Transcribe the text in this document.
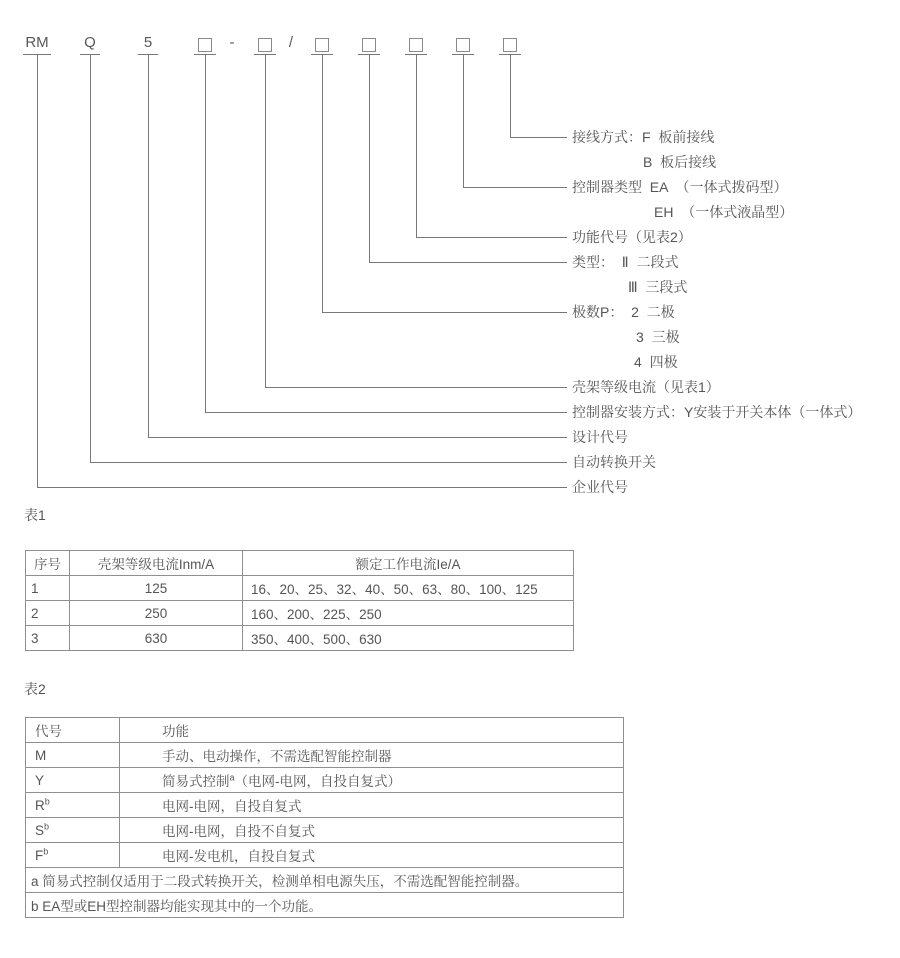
RM Q	5	-	/
接线方式：F  板前接线
B  板后接线
控制器类型  EA  （一体式拨码型）
EH  （一体式液晶型）
功能代号（见表2）
类型：  Ⅱ  二段式
Ⅲ  三段式
极数P：  2  二极
3  三极
4  四极
壳架等级电流（见表1）
控制器安装方式：Y安装于开关本体（一体式）
设计代号
自动转换开关
企业代号
表1
序号	壳架等级电流Inm/A	额定工作电流Ie/A
1	125	16、20、25、32、40、50、63、80、100、125
2	250	160、200、225、250
3	630	350、400、500、630
表2
代号	功能
M	手动、电动操作，不需选配智能控制器
Y	简易式控制$^a$（电网-电网，自投自复式）
$R^b$	电网-电网，自投自复式
$S^b$	电网-电网，自投不自复式
$F^b$	电网-发电机，自投自复式
a 简易式控制仅适用于二段式转换开关，检测单相电源失压，不需选配智能控制器。	
b EA型或EH型控制器均能实现其中的一个功能。	
